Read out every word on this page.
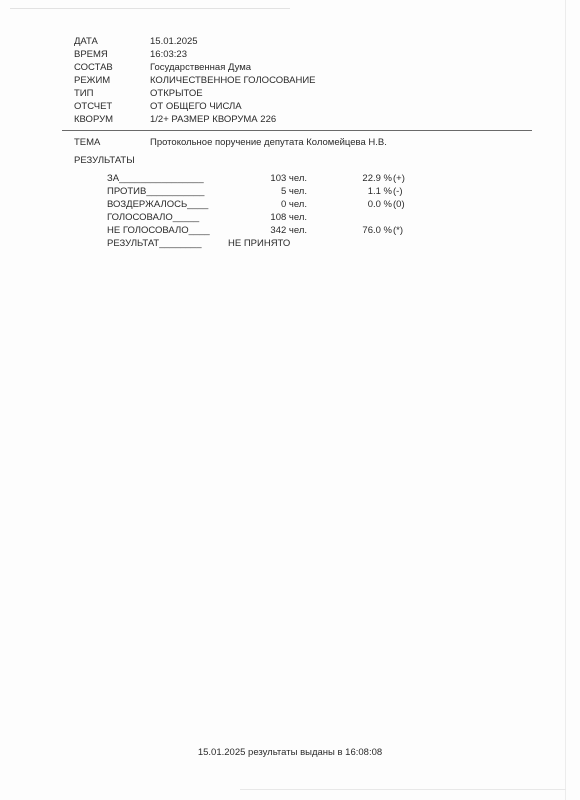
ДАТА	15.01.2025
ВРЕМЯ	16:03:23
СОСТАВ	Государственная Дума
РЕЖИМ	КОЛИЧЕСТВЕННОЕ ГОЛОСОВАНИЕ
ТИП	ОТКРЫТОЕ
ОТСЧЕТ	ОТ ОБЩЕГО ЧИСЛА
КВОРУМ	1/2+ РАЗМЕР КВОРУМА 226
ТЕМА	Протокольное поручение депутата Коломейцева Н.В.
РЕЗУЛЬТАТЫ
ЗА________________	103 чел.	22.9 % (+)
ПРОТИВ___________	5 чел.	1.1 % (-)
ВОЗДЕРЖАЛОСЬ____	0 чел.	0.0 % (0)
ГОЛОСОВАЛО_____	108 чел.
НЕ ГОЛОСОВАЛО____	342 чел.	76.0 % (*)
РЕЗУЛЬТАТ________	НЕ ПРИНЯТО
15.01.2025 результаты выданы в 16:08:08
